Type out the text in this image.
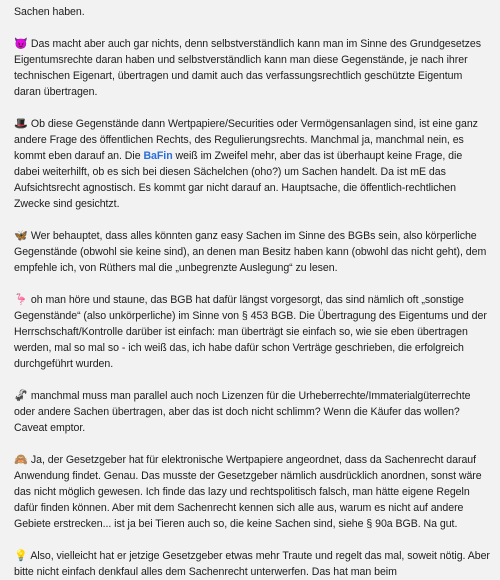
Sachen haben.

😈 Das macht aber auch gar nichts, denn selbstverständlich kann man im Sinne des Grundgesetzes Eigentumsrechte daran haben und selbstverständlich kann man diese Gegenstände, je nach ihrer technischen Eigenart, übertragen und damit auch das verfassungsrechtlich geschützte Eigentum daran übertragen.

🎩 Ob diese Gegenstände dann Wertpapiere/Securities oder Vermögensanlagen sind, ist eine ganz andere Frage des öffentlichen Rechts, des Regulierungsrechts. Manchmal ja, manchmal nein, es kommt eben darauf an. Die BaFin weiß im Zweifel mehr, aber das ist überhaupt keine Frage, die dabei weiterhilft, ob es sich bei diesen Sächelchen (oho?) um Sachen handelt. Da ist mE das Aufsichtsrecht agnostisch. Es kommt gar nicht darauf an. Hauptsache, die öffentlich-rechtlichen Zwecke sind gesichtzt.

🦋 Wer behauptet, dass alles könnten ganz easy Sachen im Sinne des BGBs sein, also körperliche Gegenstände (obwohl sie keine sind), an denen man Besitz haben kann (obwohl das nicht geht), dem empfehle ich, von Rüthers mal die „unbegrenzte Auslegung“ zu lesen.

🦩 oh man höre und staune, das BGB hat dafür längst vorgesorgt, das sind nämlich oft „sonstige Gegenstände“ (also unkörperliche) im Sinne von § 453 BGB. Die Übertragung des Eigentums und der Herrschschaft/Kontrolle darüber ist einfach: man überträgt sie einfach so, wie sie eben übertragen werden, mal so mal so - ich weiß das, ich habe dafür schon Verträge geschrieben, die erfolgreich durchgeführt wurden.

🦨 manchmal muss man parallel auch noch Lizenzen für die Urheberrechte/Immaterialgüterrechte oder andere Sachen übertragen, aber das ist doch nicht schlimm? Wenn die Käufer das wollen? Caveat emptor.

🙈 Ja, der Gesetzgeber hat für elektronische Wertpapiere angeordnet, dass da Sachenrecht darauf Anwendung findet. Genau. Das musste der Gesetzgeber nämlich ausdrücklich anordnen, sonst wäre das nicht möglich gewesen. Ich finde das lazy und rechtspolitisch falsch, man hätte eigene Regeln dafür finden können. Aber mit dem Sachenrecht kennen sich alle aus, warum es nicht auf andere Gebiete erstrecken... ist ja bei Tieren auch so, die keine Sachen sind, siehe § 90a BGB. Na gut.

💡 Also, vielleicht hat er jetzige Gesetzgeber etwas mehr Traute und regelt das mal, soweit nötig. Aber bitte nicht einfach denkfaul alles dem Sachenrecht unterwerfen. Das hat man beim
